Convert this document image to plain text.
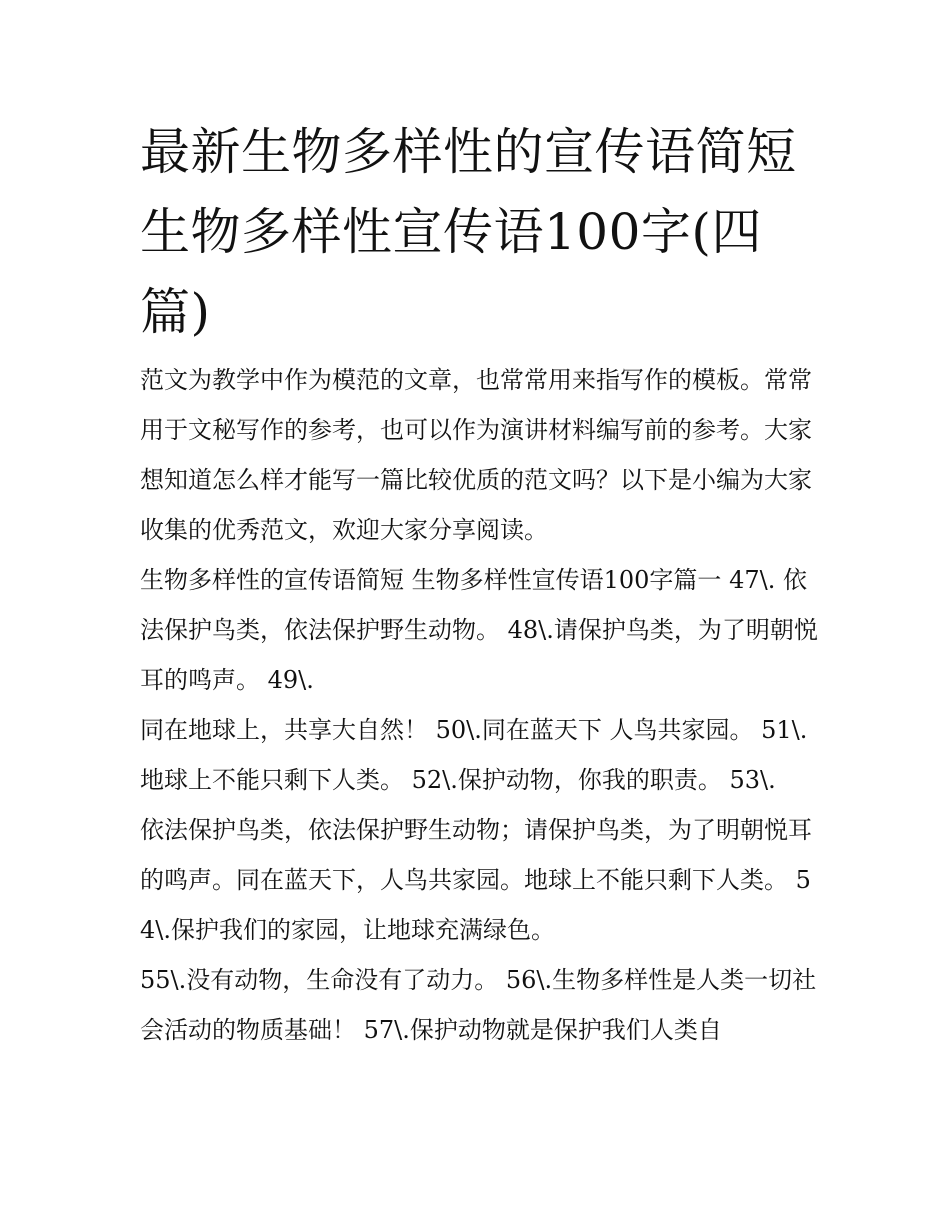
最新生物多样性的宣传语简短生物多样性宣传语100字(四篇)

范文为教学中作为模范的文章，也常常用来指写作的模板。常常用于文秘写作的参考，也可以作为演讲材料编写前的参考。大家想知道怎么样才能写一篇比较优质的范文吗？以下是小编为大家收集的优秀范文，欢迎大家分享阅读。

生物多样性的宣传语简短 生物多样性宣传语100字篇一 47\. 依法保护鸟类，依法保护野生动物。 48\.请保护鸟类，为了明朝悦耳的鸣声。 49\.

同在地球上，共享大自然！ 50\.同在蓝天下 人鸟共家园。 51\.地球上不能只剩下人类。 52\.保护动物，你我的职责。 53\.

依法保护鸟类，依法保护野生动物；请保护鸟类，为了明朝悦耳的鸣声。同在蓝天下，人鸟共家园。地球上不能只剩下人类。 54\.保护我们的家园，让地球充满绿色。

55\.没有动物，生命没有了动力。 56\.生物多样性是人类一切社会活动的物质基础！ 57\.保护动物就是保护我们人类自
